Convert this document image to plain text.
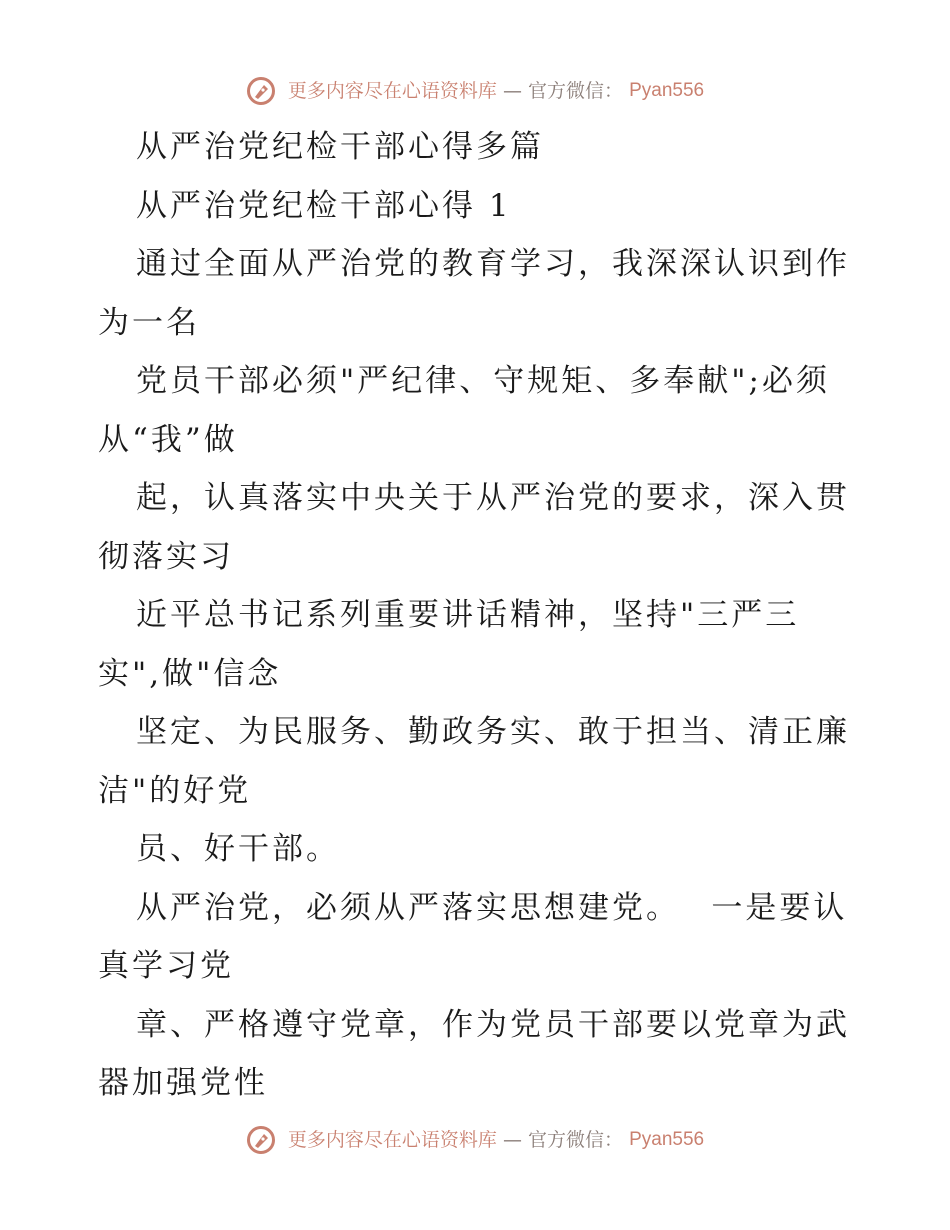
更多内容尽在心语资料库 — 官方微信： Pyan556
从严治党纪检干部心得多篇
从严治党纪检干部心得 1
通过全面从严治党的教育学习，我深深认识到作
为一名
党员干部必须"严纪律、守规矩、多奉献";必须
从“我”做
起，认真落实中央关于从严治党的要求，深入贯
彻落实习
近平总书记系列重要讲话精神，坚持"三严三
实",做"信念
坚定、为民服务、勤政务实、敢于担当、清正廉
洁"的好党
员、好干部。
从严治党，必须从严落实思想建党。　 一是要认
真学习党
章、严格遵守党章，作为党员干部要以党章为武
器加强党性
更多内容尽在心语资料库 — 官方微信： Pyan556
